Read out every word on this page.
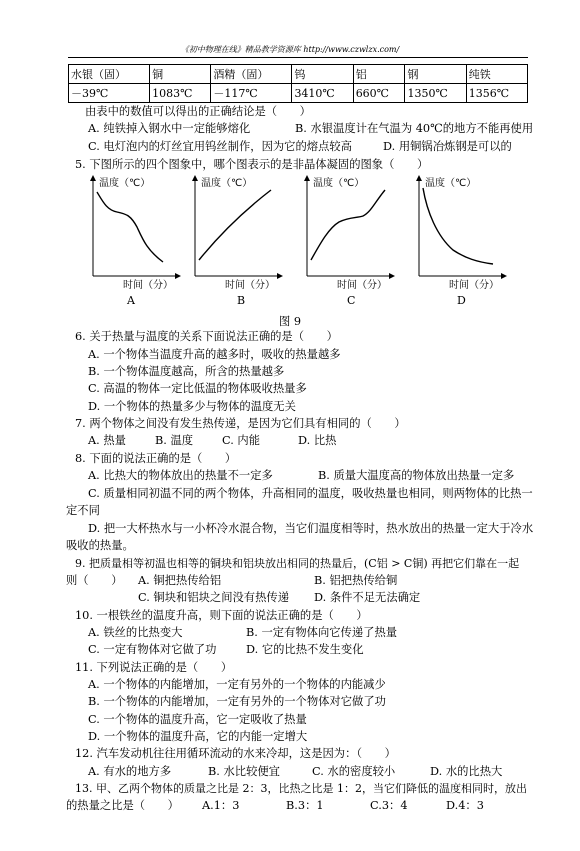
《初中物理在线》精品教学资源库 http://www.czwlzx.com/
水银（固）	铜	酒精（固）	钨	铝	钢	纯铁
－39℃	1083℃	－117℃	3410℃	660℃	1350℃	1356℃
由表中的数值可以得出的正确结论是（　　）
A. 纯铁掉入钢水中一定能够熔化	B. 水银温度计在气温为 40℃的地方不能再使用
C. 电灯泡内的灯丝宜用钨丝制作，因为它的熔点较高	D. 用铜锅冶炼钢是可以的
5. 下图所示的四个图象中，哪个图表示的是非晶体凝固的图象（　　）
温度（℃）
时间（分）
A
温度（℃）
时间（分）
B
温度（℃）
时间（分）
C
温度（℃）
时间（分）
D
图 9
6. 关于热量与温度的关系下面说法正确的是（　　）
A. 一个物体当温度升高的越多时，吸收的热量越多
B. 一个物体温度越高，所含的热量越多
C. 高温的物体一定比低温的物体吸收热量多
D. 一个物体的热量多少与物体的温度无关
7. 两个物体之间没有发生热传递，是因为它们具有相同的（　　）
A. 热量	B. 温度	C. 内能	D. 比热
8. 下面的说法正确的是（　　）
A. 比热大的物体放出的热量不一定多	B. 质量大温度高的物体放出热量一定多
C. 质量相同初温不同的两个物体，升高相同的温度，吸收热量也相同，则两物体的比热一
定不同
D. 把一大杯热水与一小杯冷水混合物，当它们温度相等时，热水放出的热量一定大于冷水
吸收的热量。
9. 把质量相等初温也相等的铜块和铝块放出相同的热量后，(C铝 > C铜) 再把它们靠在一起
则（　　） A. 铜把热传给铝	B. 铝把热传给铜
C. 铜块和铝块之间没有热传递 D. 条件不足无法确定
10. 一根铁丝的温度升高，则下面的说法正确的是（　　）
A. 铁丝的比热变大	B. 一定有物体向它传递了热量
C. 一定有物体对它做了功	D. 它的比热不发生变化
11. 下列说法正确的是（　　）
A. 一个物体的内能增加，一定有另外的一个物体的内能减少
B. 一个物体的内能增加，一定有另外的一个物体对它做了功
C. 一个物体的温度升高，它一定吸收了热量
D. 一个物体的温度升高，它的内能一定增大
12. 汽车发动机往往用循环流动的水来冷却，这是因为：（　　）
A. 有水的地方多	B. 水比较便宜	C. 水的密度较小	D. 水的比热大
13. 甲、乙两个物体的质量之比是 2：3，比热之比是 1：2，当它们降低的温度相同时，放出
的热量之比是（　　） A.1：3	B.3：1	C.3：4	D.4：3
